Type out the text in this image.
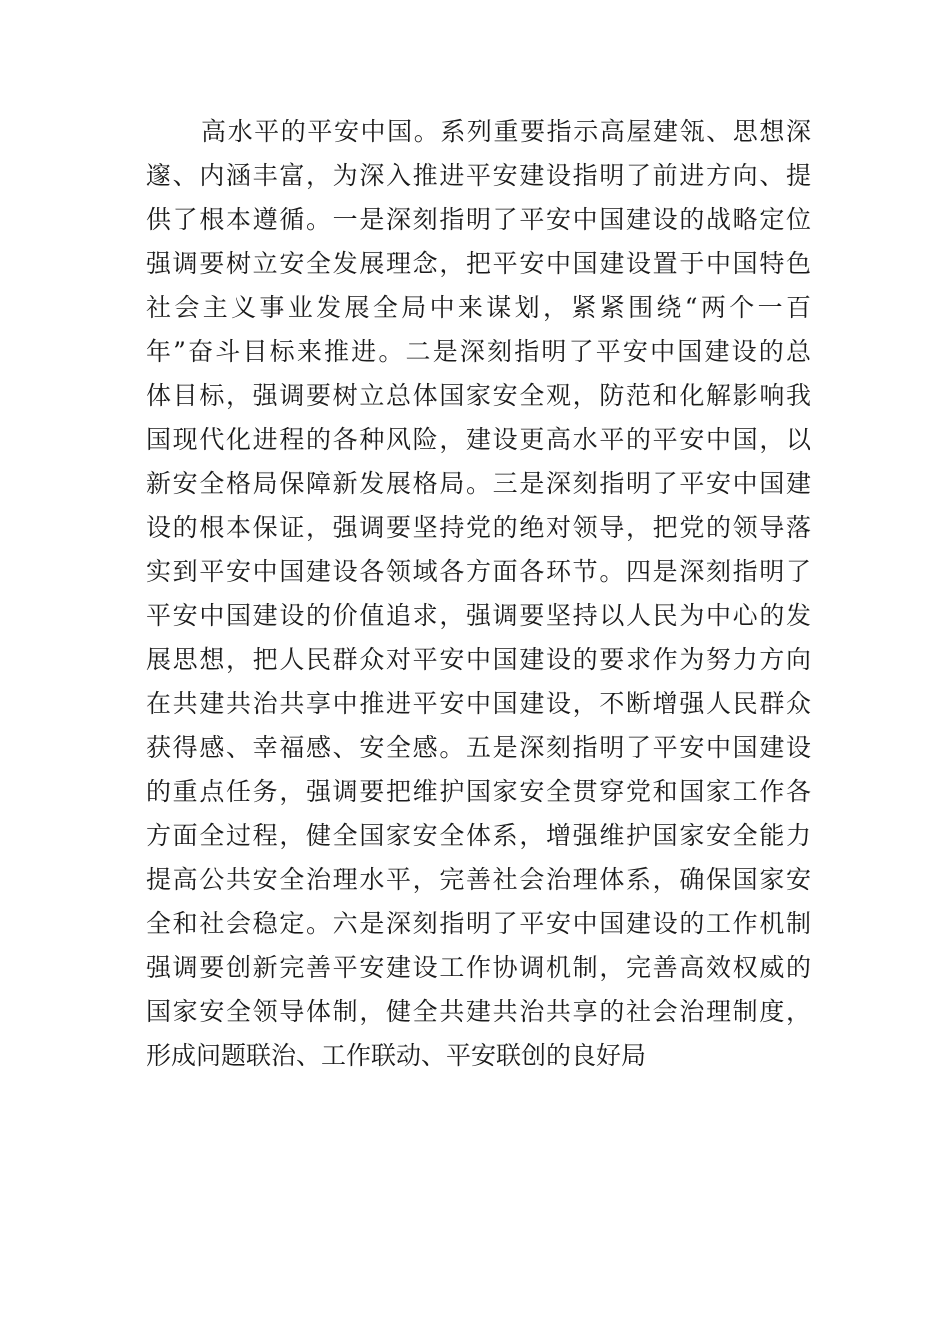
高水平的平安中国。系列重要指示高屋建瓴、思想深
邃、内涵丰富，为深入推进平安建设指明了前进方向、提
供了根本遵循。一是深刻指明了平安中国建设的战略定位
强调要树立安全发展理念，把平安中国建设置于中国特色
社会主义事业发展全局中来谋划，紧紧围绕“两个一百
年”奋斗目标来推进。二是深刻指明了平安中国建设的总
体目标，强调要树立总体国家安全观，防范和化解影响我
国现代化进程的各种风险，建设更高水平的平安中国，以
新安全格局保障新发展格局。三是深刻指明了平安中国建
设的根本保证，强调要坚持党的绝对领导，把党的领导落
实到平安中国建设各领域各方面各环节。四是深刻指明了
平安中国建设的价值追求，强调要坚持以人民为中心的发
展思想，把人民群众对平安中国建设的要求作为努力方向
在共建共治共享中推进平安中国建设，不断增强人民群众
获得感、幸福感、安全感。五是深刻指明了平安中国建设
的重点任务，强调要把维护国家安全贯穿党和国家工作各
方面全过程，健全国家安全体系，增强维护国家安全能力
提高公共安全治理水平，完善社会治理体系，确保国家安
全和社会稳定。六是深刻指明了平安中国建设的工作机制
强调要创新完善平安建设工作协调机制，完善高效权威的
国家安全领导体制，健全共建共治共享的社会治理制度，
形成问题联治、工作联动、平安联创的良好局
